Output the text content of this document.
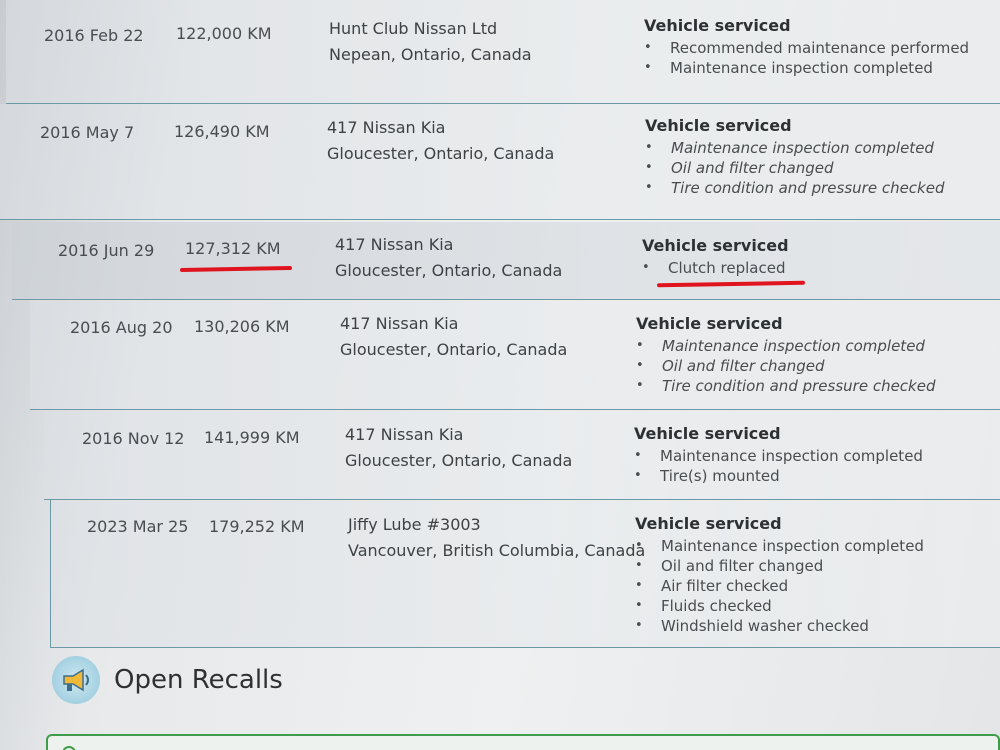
2016 Feb 22 122,000 KM	Hunt Club Nissan Ltd
Nepean, Ontario, Canada
Vehicle serviced
• Recommended maintenance performed
• Maintenance inspection completed
2016 May 7 126,490 KM	417 Nissan Kia
Gloucester, Ontario, Canada
Vehicle serviced
• Maintenance inspection completed
• Oil and filter changed
• Tire condition and pressure checked
2016 Jun 29 127,312 KM	417 Nissan Kia
Gloucester, Ontario, Canada
Vehicle serviced
• Clutch replaced
2016 Aug 20 130,206 KM	417 Nissan Kia
Gloucester, Ontario, Canada
Vehicle serviced
• Maintenance inspection completed
• Oil and filter changed
• Tire condition and pressure checked
2016 Nov 12 141,999 KM	417 Nissan Kia
Gloucester, Ontario, Canada
Vehicle serviced
• Maintenance inspection completed
• Tire(s) mounted
2023 Mar 25 179,252 KM	Jiffy Lube #3003
Vancouver, British Columbia, Canada
Vehicle serviced
• Maintenance inspection completed
• Oil and filter changed
• Air filter checked
• Fluids checked
• Windshield washer checked
Open Recalls
